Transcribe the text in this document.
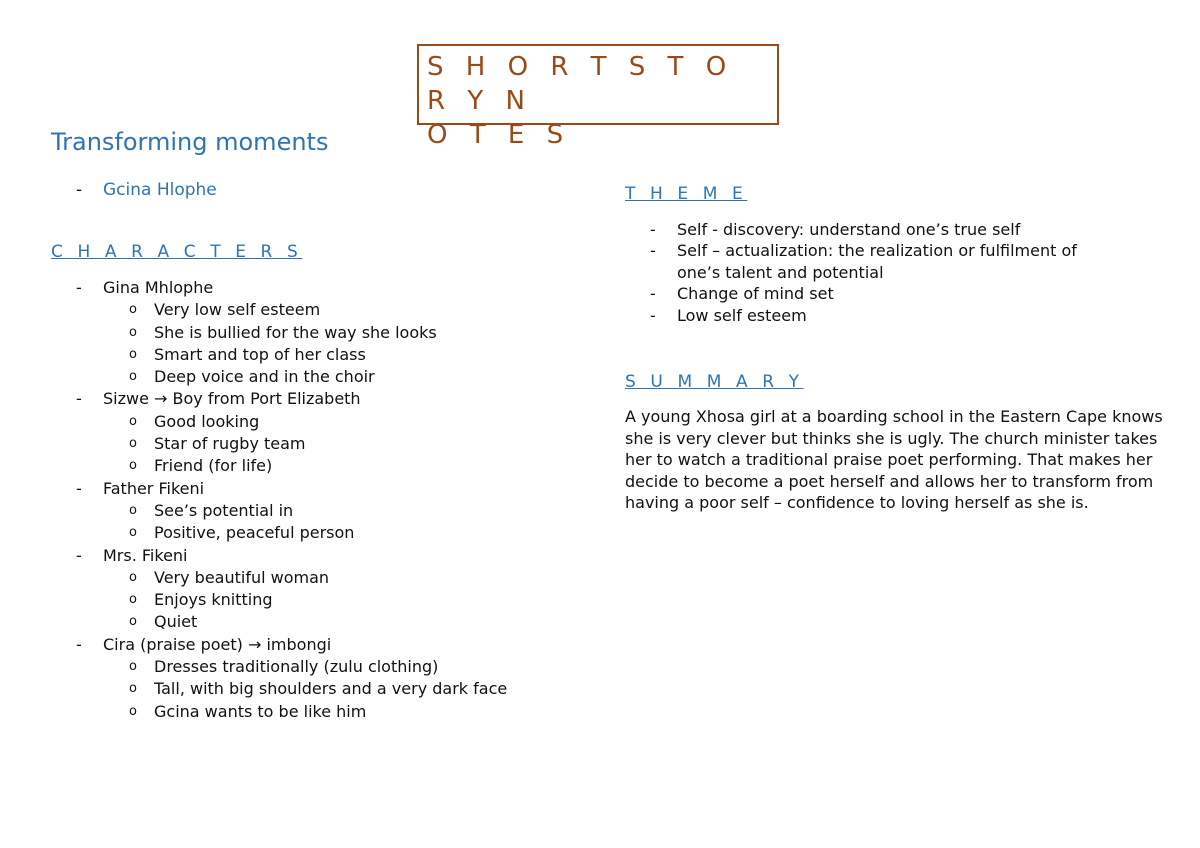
S H O R T S T O R Y N
O T E S
Transforming moments
-	Gcina Hlophe
C H A R A C T E R S
-	Gina Mhlophe
o	Very low self esteem
o	She is bullied for the way she looks
o	Smart and top of her class
o	Deep voice and in the choir
-	Sizwe → Boy from Port Elizabeth
o	Good looking
o	Star of rugby team
o	Friend (for life)
-	Father Fikeni
o	See’s potential in
o	Positive, peaceful person
-	Mrs. Fikeni
o	Very beautiful woman
o	Enjoys knitting
o	Quiet
-	Cira (praise poet) → imbongi
o	Dresses traditionally (zulu clothing)
o	Tall, with big shoulders and a very dark face
o	Gcina wants to be like him
T H E M E
-	Self - discovery: understand one’s true self
-	Self – actualization: the realization or fulfilment of one’s talent and potential
-	Change of mind set
-	Low self esteem
S U M M A R Y

A young Xhosa girl at a boarding school in the Eastern Cape knows she is very clever but thinks she is ugly. The church minister takes her to watch a traditional praise poet performing. That makes her decide to become a poet herself and allows her to transform from having a poor self – confidence to loving herself as she is.
